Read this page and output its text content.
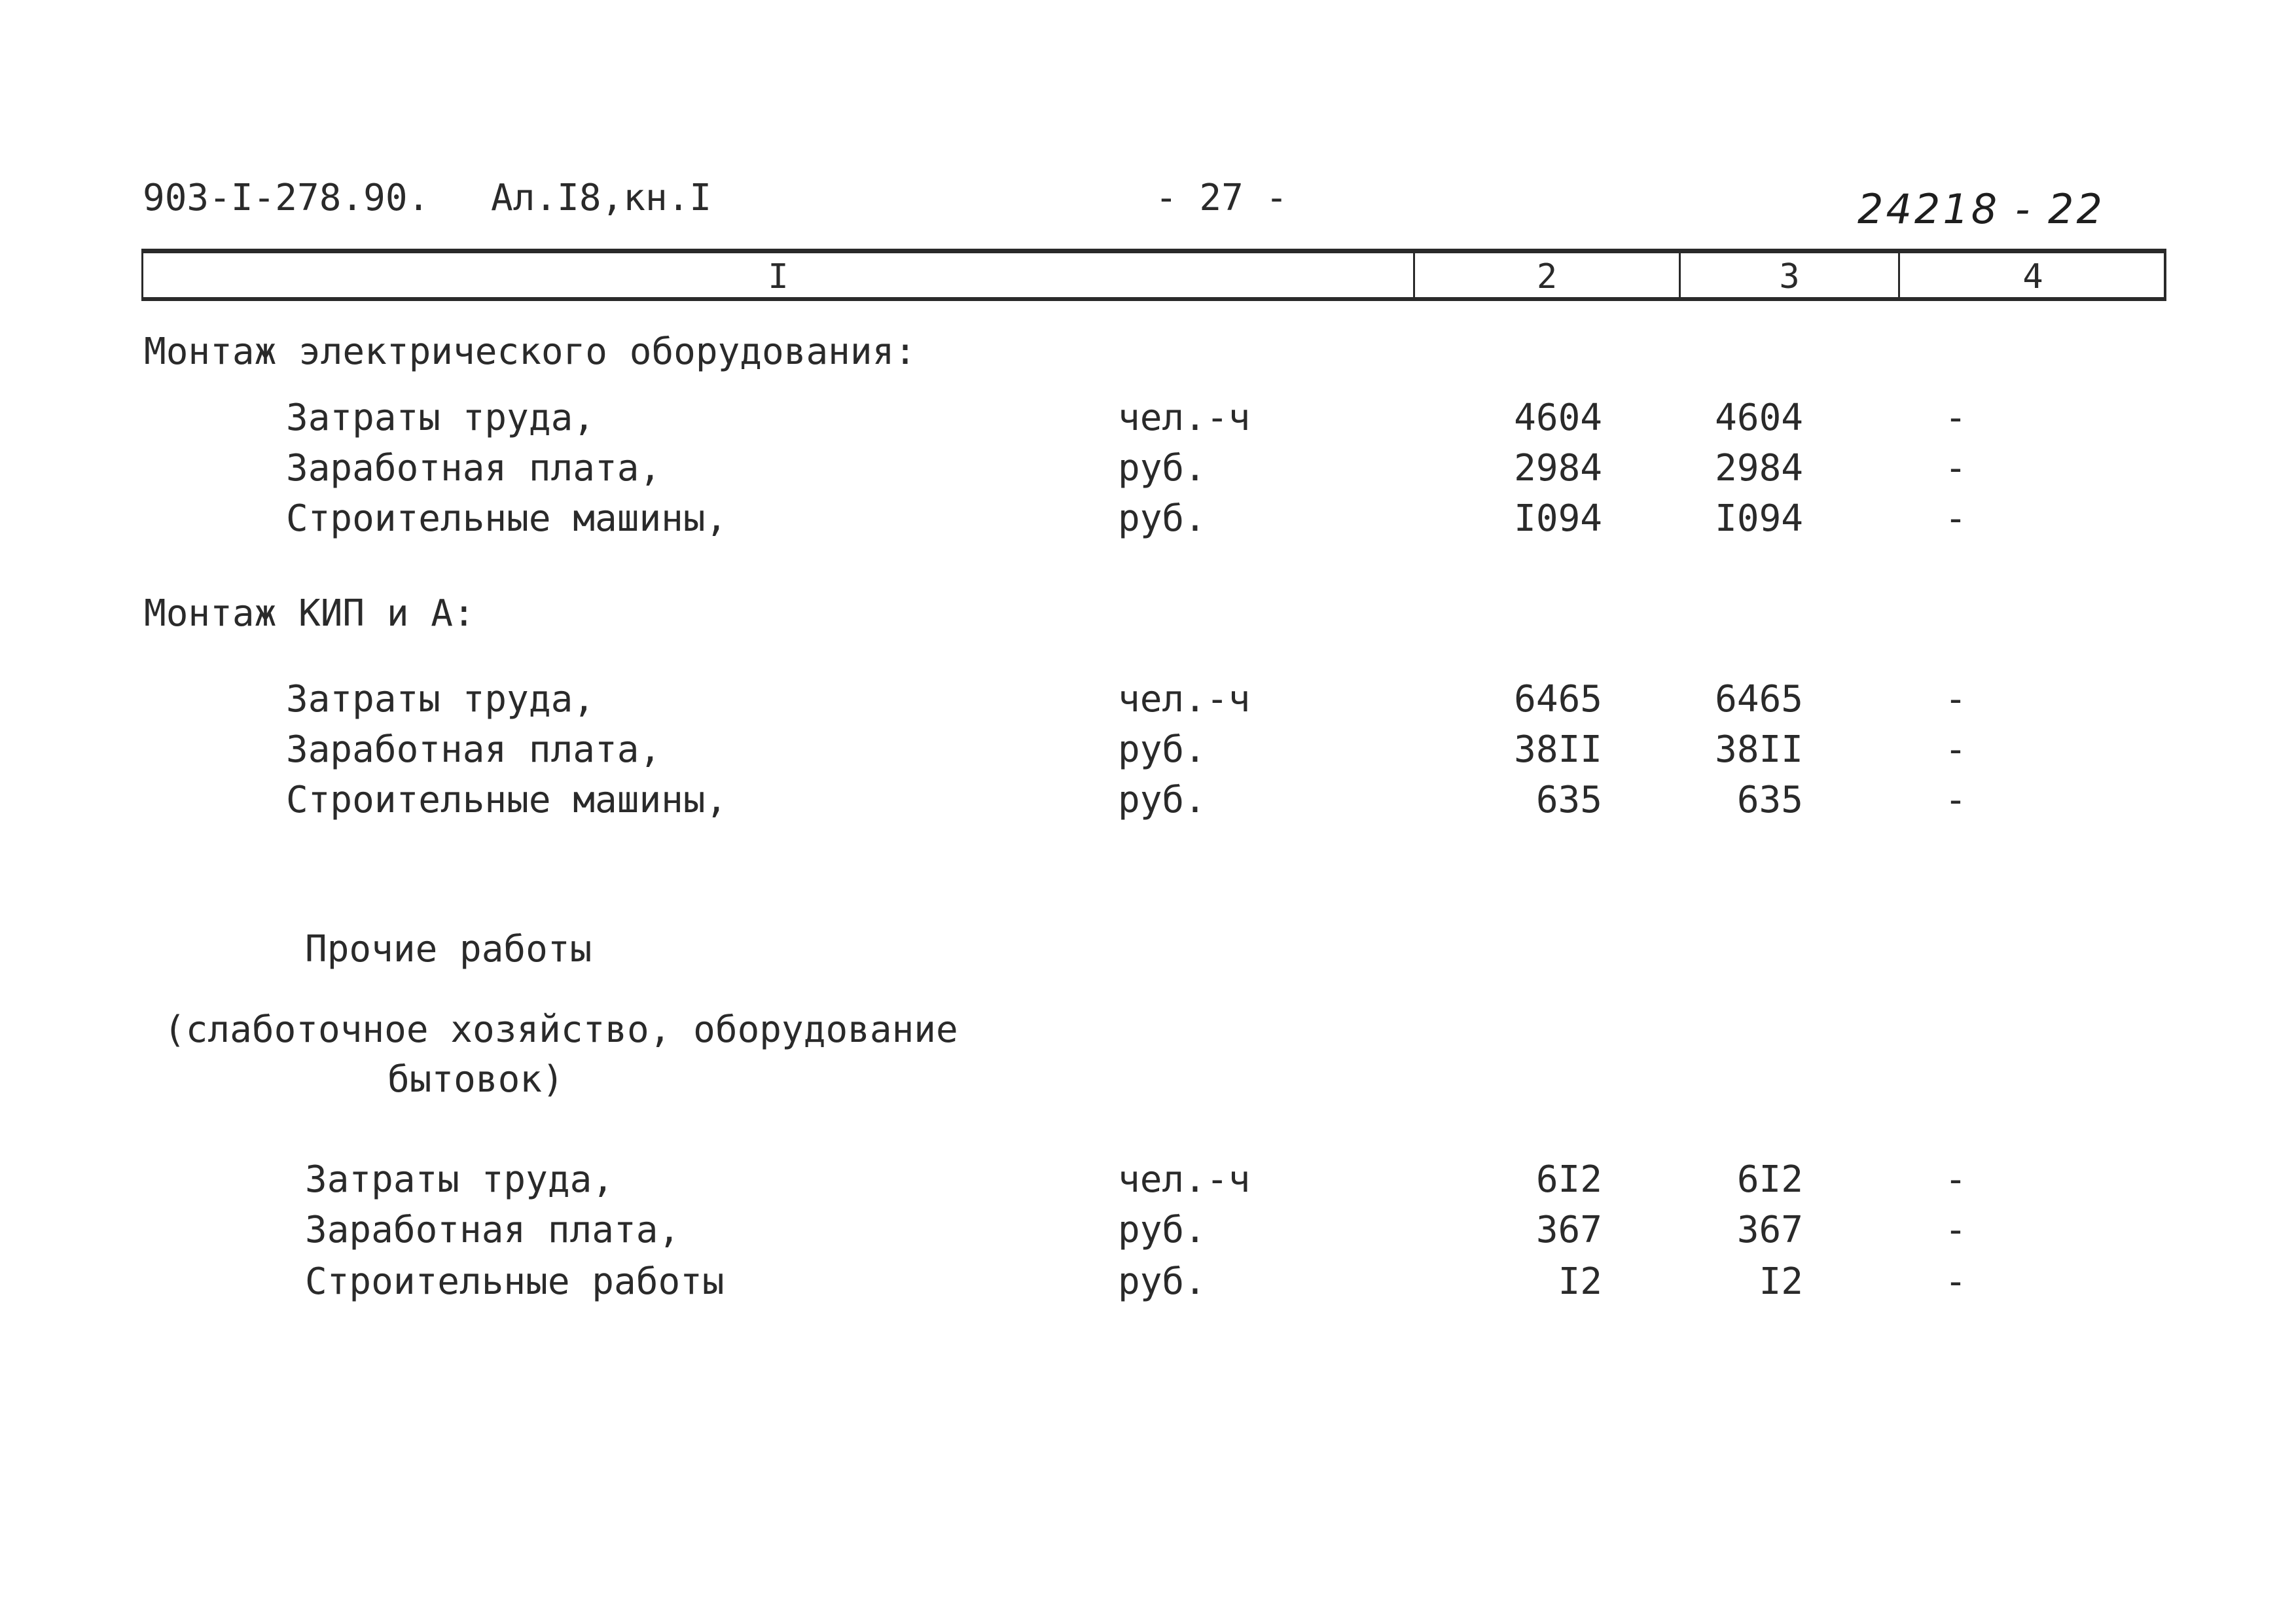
903-I-278.90. Ал.I8,кн.I	- 27 -	24218 - 22
I	2	3	4
Монтаж электрического оборудования:
Затраты труда,	чел.-ч	4604	4604	-
Заработная плата,	руб.	2984	2984	-
Строительные машины,	руб.	I094	I094	-
Монтаж КИП и А:
Затраты труда,	чел.-ч	6465	6465	-
Заработная плата,	руб.	38II	38II	-
Строительные машины,	руб.	635	635	-
Прочие работы
(слаботочное хозяйство, оборудование
бытовок)
Затраты труда,	чел.-ч	6I2	6I2	-
Заработная плата,	руб.	367	367	-
Строительные работы	руб.	I2	I2	-
